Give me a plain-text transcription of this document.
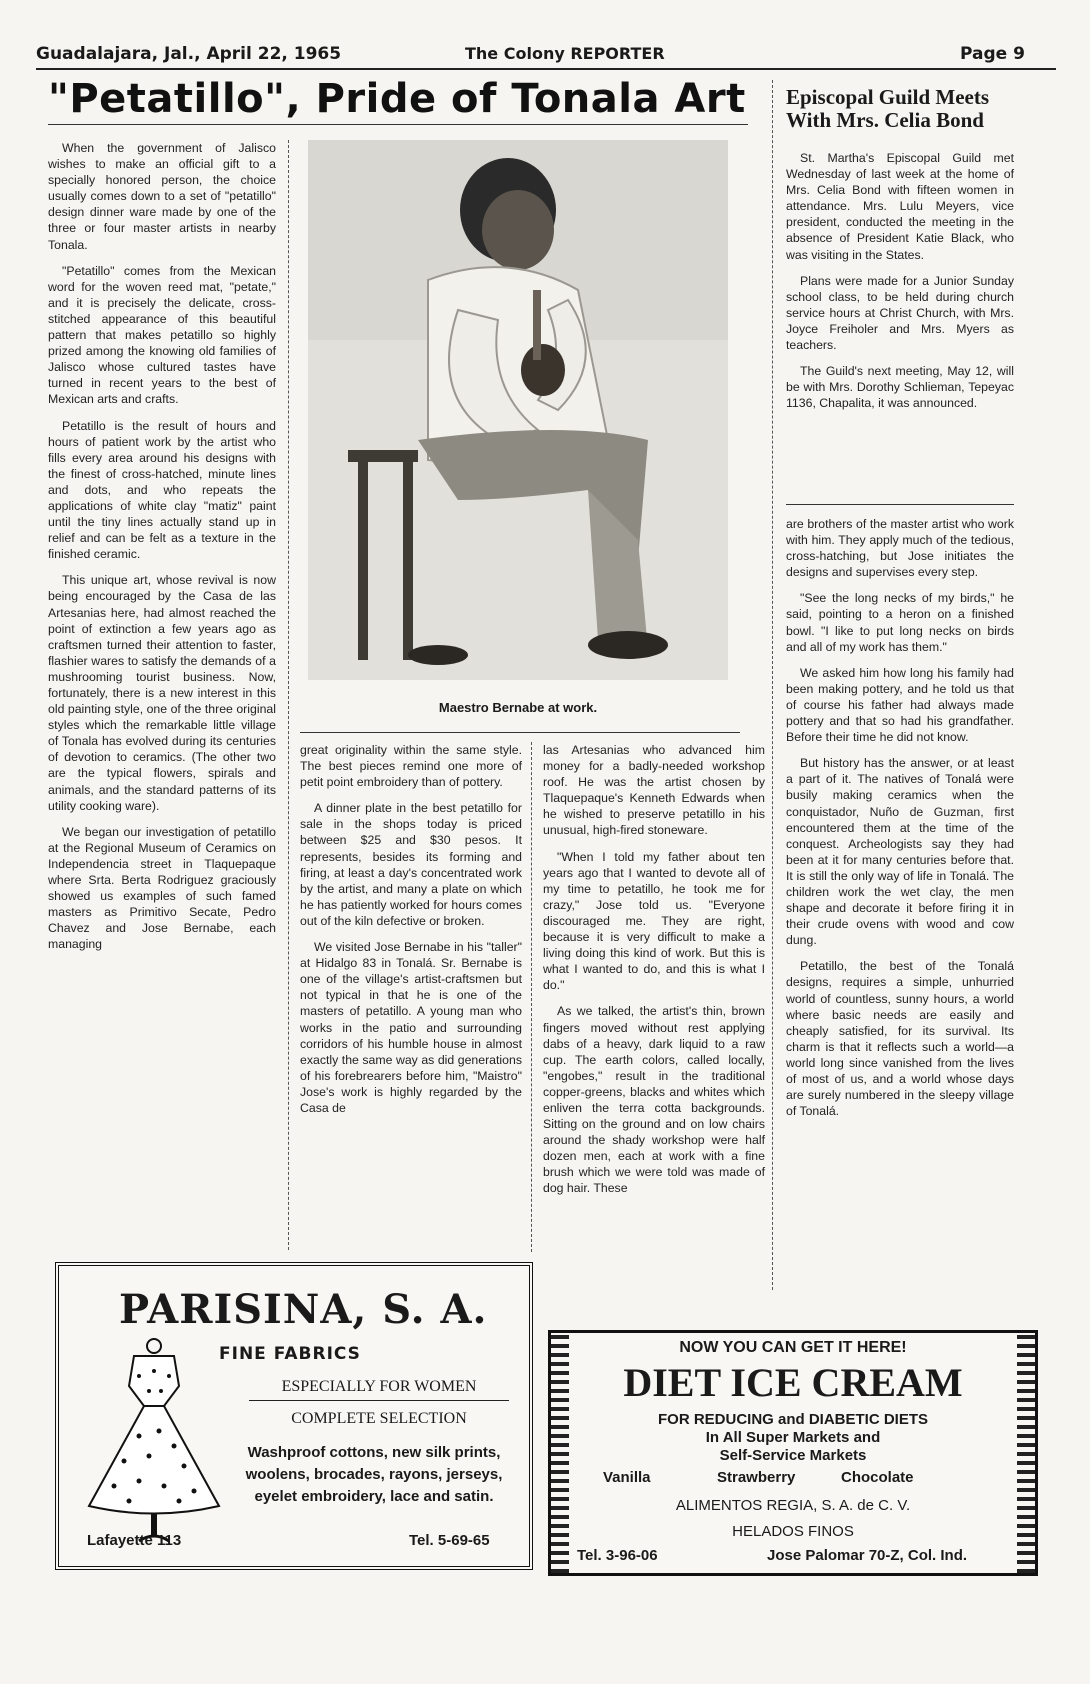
Guadalajara, Jal., April 22, 1965	The Colony REPORTER	Page 9
"Petatillo", Pride of Tonala Art Episcopal Guild Meets With Mrs. Celia Bond

St. Martha's Episcopal Guild met Wednesday of last week at the home of Mrs. Celia Bond with fifteen women in attendance. Mrs. Lulu Meyers, vice president, conducted the meeting in the absence of President Katie Black, who was visiting in the States.

Plans were made for a Junior Sunday school class, to be held during church service hours at Christ Church, with Mrs. Joyce Freiholer and Mrs. Myers as teachers.

The Guild's next meeting, May 12, will be with Mrs. Dorothy Schlieman, Tepeyac 1136, Chapalita, it was announced.

When the government of Jalisco wishes to make an official gift to a specially honored person, the choice usually comes down to a set of "petatillo" design dinner ware made by one of the three or four master artists in nearby Tonala.

"Petatillo" comes from the Mexican word for the woven reed mat, "petate," and it is precisely the delicate, cross-stitched appearance of this beautiful pattern that makes petatillo so highly prized among the knowing old families of Jalisco whose cultured tastes have turned in recent years to the best of Mexican arts and crafts.

Petatillo is the result of hours and hours of patient work by the artist who fills every area around his designs with the finest of cross-hatched, minute lines and dots, and who repeats the applications of white clay "matiz" paint until the tiny lines actually stand up in relief and can be felt as a texture in the finished ceramic.

This unique art, whose revival is now being encouraged by the Casa de las Artesanias here, had almost reached the point of extinction a few years ago as craftsmen turned their attention to faster, flashier wares to satisfy the demands of a mushrooming tourist business. Now, fortunately, there is a new interest in this old painting style, one of the three original styles which the remarkable little village of Tonala has evolved during its centuries of devotion to ceramics. (The other two are the typical flowers, spirals and animals, and the standard patterns of its utility cooking ware).

We began our investigation of petatillo at the Regional Museum of Ceramics on Independencia street in Tlaquepaque where Srta. Berta Rodriguez graciously showed us examples of such famed masters as Primitivo Secate, Pedro Chavez and Jose Bernabe, each managing

Maestro Bernabe at work.

great originality within the same style. The best pieces remind one more of petit point embroidery than of pottery.

A dinner plate in the best petatillo for sale in the shops today is priced between $25 and $30 pesos. It represents, besides its forming and firing, at least a day's concentrated work by the artist, and many a plate on which he has patiently worked for hours comes out of the kiln defective or broken.

We visited Jose Bernabe in his "taller" at Hidalgo 83 in Tonalá. Sr. Bernabe is one of the village's artist-craftsmen but not typical in that he is one of the masters of petatillo. A young man who works in the patio and surrounding corridors of his humble house in almost exactly the same way as did generations of his forebrearers before him, "Maistro" Jose's work is highly regarded by the Casa de

las Artesanias who advanced him money for a badly-needed workshop roof. He was the artist chosen by Tlaquepaque's Kenneth Edwards when he wished to preserve petatillo in his unusual, high-fired stoneware.

"When I told my father about ten years ago that I wanted to devote all of my time to petatillo, he took me for crazy," Jose told us. "Everyone discouraged me. They are right, because it is very difficult to make a living doing this kind of work. But this is what I wanted to do, and this is what I do."

As we talked, the artist's thin, brown fingers moved without rest applying dabs of a heavy, dark liquid to a raw cup. The earth colors, called locally, "engobes," result in the traditional copper-greens, blacks and whites which enliven the terra cotta backgrounds. Sitting on the ground and on low chairs around the shady workshop were half dozen men, each at work with a fine brush which we were told was made of dog hair. These

are brothers of the master artist who work with him. They apply much of the tedious, cross-hatching, but Jose initiates the designs and supervises every step.

"See the long necks of my birds," he said, pointing to a heron on a finished bowl. "I like to put long necks on birds and all of my work has them."

We asked him how long his family had been making pottery, and he told us that of course his father had always made pottery and that so had his grandfather. Before their time he did not know.

But history has the answer, or at least a part of it. The natives of Tonalá were busily making ceramics when the conquistador, Nuño de Guzman, first encountered them at the time of the conquest. Archeologists say they had been at it for many centuries before that. It is still the only way of life in Tonalá. The children work the wet clay, the men shape and decorate it before firing it in their crude ovens with wood and cow dung.

Petatillo, the best of the Tonalá designs, requires a simple, unhurried world of countless, sunny hours, a world where basic needs are easily and cheaply satisfied, for its survival. Its charm is that it reflects such a world—a world long since vanished from the lives of most of us, and a world whose days are surely numbered in the sleepy village of Tonalá.

PARISINA, S. A.
FINE FABRICS
ESPECIALLY FOR WOMEN
COMPLETE SELECTION
Washproof cottons, new silk prints, woolens, brocades, rayons, jerseys, eyelet embroidery, lace and satin.
Lafayette 113	Tel. 5-69-65
NOW YOU CAN GET IT HERE!
DIET ICE CREAM
FOR REDUCING and DIABETIC DIETS
In All Super Markets and
Self-Service Markets
Vanilla	Strawberry	Chocolate
ALIMENTOS REGIA, S. A. de C. V.
HELADOS FINOS
Tel. 3-96-06	Jose Palomar 70-Z, Col. Ind.
